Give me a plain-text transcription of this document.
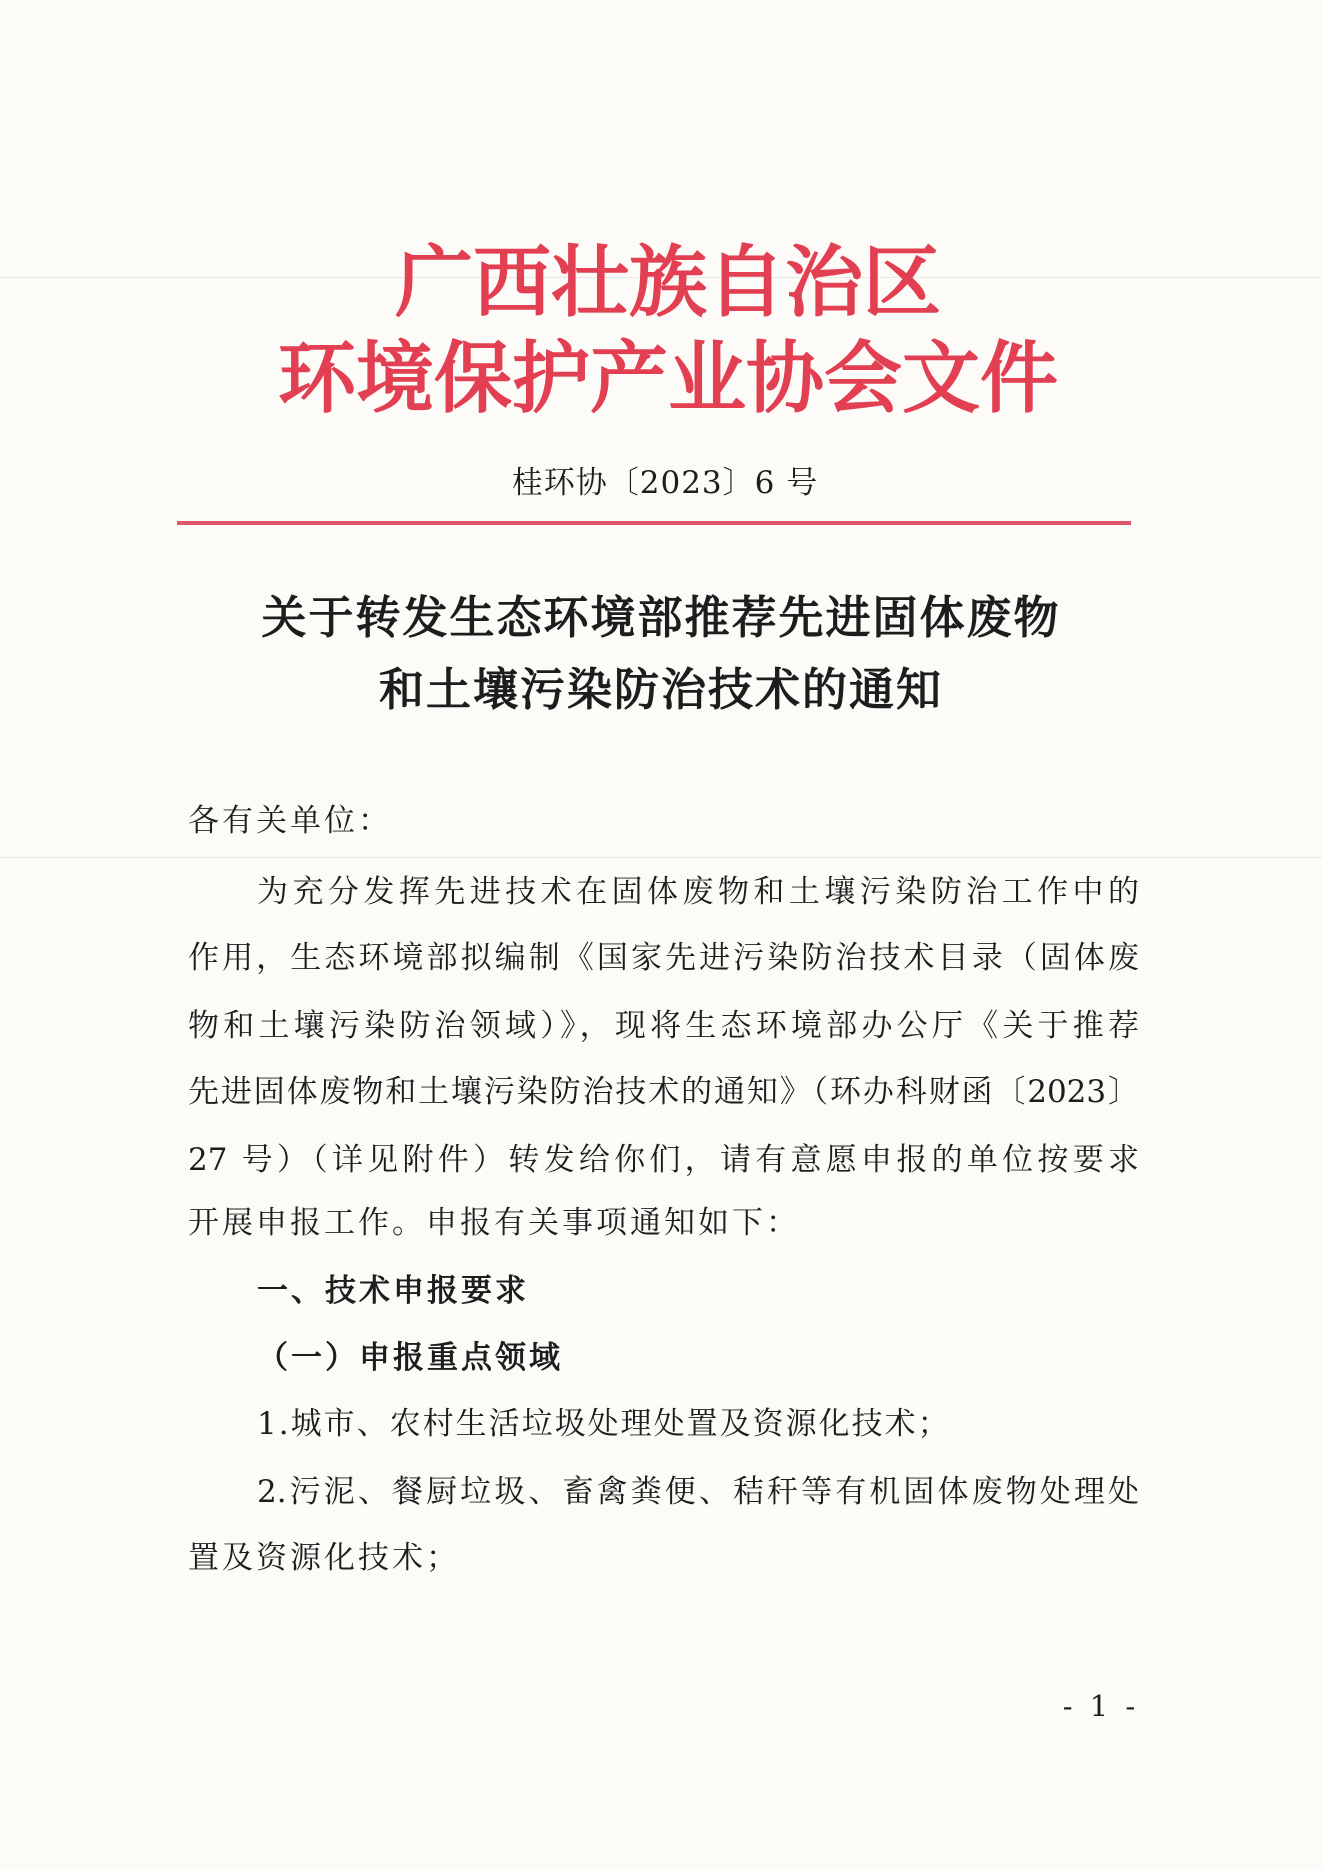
广西壮族自治区
环境保护产业协会文件
桂环协〔2023〕6 号
关于转发生态环境部推荐先进固体废物
和土壤污染防治技术的通知
各有关单位：
为充分发挥先进技术在固体废物和土壤污染防治工作中的
作用，生态环境部拟编制《国家先进污染防治技术目录（固体废
物和土壤污染防治领域）》，现将生态环境部办公厅《关于推荐
先进固体废物和土壤污染防治技术的通知》（环办科财函〔2023〕
27 号）（详见附件）转发给你们，请有意愿申报的单位按要求
开展申报工作。申报有关事项通知如下：
一、技术申报要求
（一）申报重点领域
1.城市、农村生活垃圾处理处置及资源化技术；
2.污泥、餐厨垃圾、畜禽粪便、秸秆等有机固体废物处理处
置及资源化技术；
- 1 -
